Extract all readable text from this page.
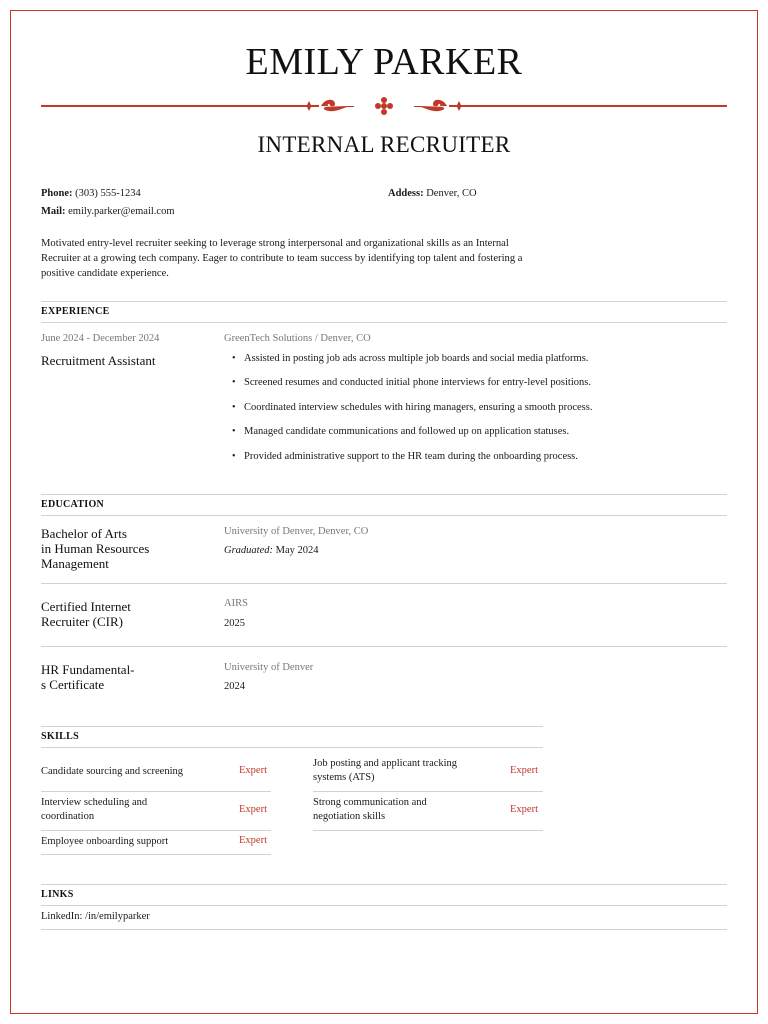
EMILY PARKER
INTERNAL RECRUITER
Phone: (303) 555-1234
Mail: emily.parker@email.com
Addess: Denver, CO
Motivated entry-level recruiter seeking to leverage strong interpersonal and organizational skills as an Internal Recruiter at a growing tech company. Eager to contribute to team success by identifying top talent and fostering a positive candidate experience.
EXPERIENCE
June 2024 - December 2024
Recruitment Assistant
GreenTech Solutions / Denver, CO
• Assisted in posting job ads across multiple job boards and social media platforms.
• Screened resumes and conducted initial phone interviews for entry-level positions.
• Coordinated interview schedules with hiring managers, ensuring a smooth process.
• Managed candidate communications and followed up on application statuses.
• Provided administrative support to the HR team during the onboarding process.
EDUCATION
Bachelor of Arts
in Human Resources
Management
University of Denver, Denver, CO
Graduated: May 2024
Certified Internet
Recruiter (CIR)
AIRS
2025
HR Fundamental-
s Certificate
University of Denver
2024
SKILLS
Candidate sourcing and screening	Expert
Interview scheduling and
coordination
Expert
Employee onboarding support	Expert
Job posting and applicant tracking
systems (ATS)
Expert
Strong communication and
negotiation skills
Expert
LINKS
LinkedIn: /in/emilyparker
